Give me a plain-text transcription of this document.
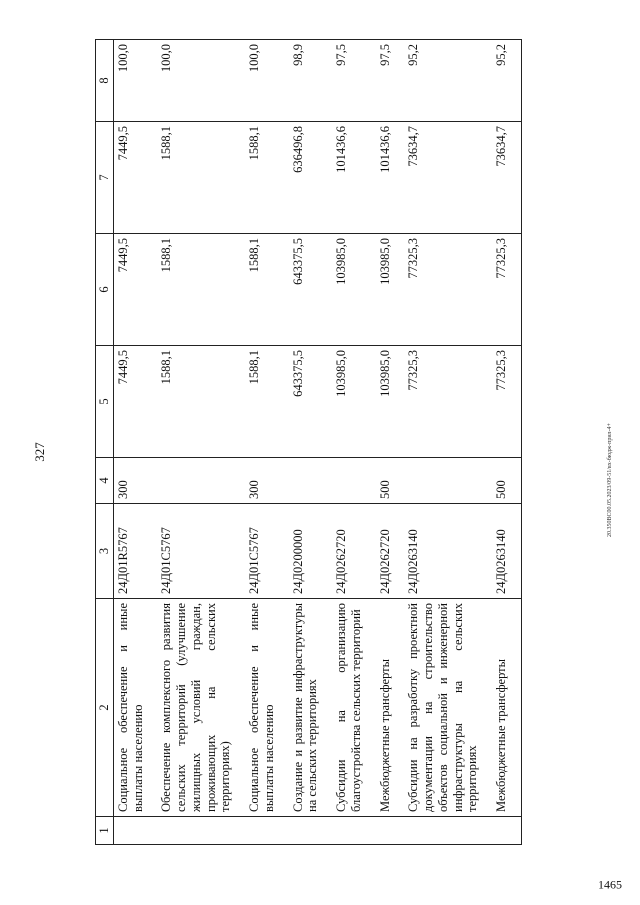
327	20.350ВС00.05.2023/09-51/вх-бюдж-прил-4+
1465
1	2	3	4	5	6	7	8
	Социальное обеспечение и иные выплаты населению	24Д01R5767	300	7449,5	7449,5	7449,5	100,0
	Обеспечение комплексного развития сельских территорий (улучшение жилищных условий граждан, проживающих на сельских территориях)	24Д01С5767		1588,1	1588,1	1588,1	100,0
	Социальное обеспечение и иные выплаты населению	24Д01С5767	300	1588,1	1588,1	1588,1	100,0
	Создание и развитие инфраструктуры на сельских территориях	24Д0200000		643375,5	643375,5	636496,8	98,9
	Субсидии на организацию благоустройства сельских территорий	24Д0262720		103985,0	103985,0	101436,6	97,5
	Межбюджетные трансферты	24Д0262720	500	103985,0	103985,0	101436,6	97,5
	Субсидии на разработку проектной документации на строительство объектов социальной и инженерной инфраструктуры на сельских территориях	24Д0263140		77325,3	77325,3	73634,7	95,2
	Межбюджетные трансферты	24Д0263140	500	77325,3	77325,3	73634,7	95,2
